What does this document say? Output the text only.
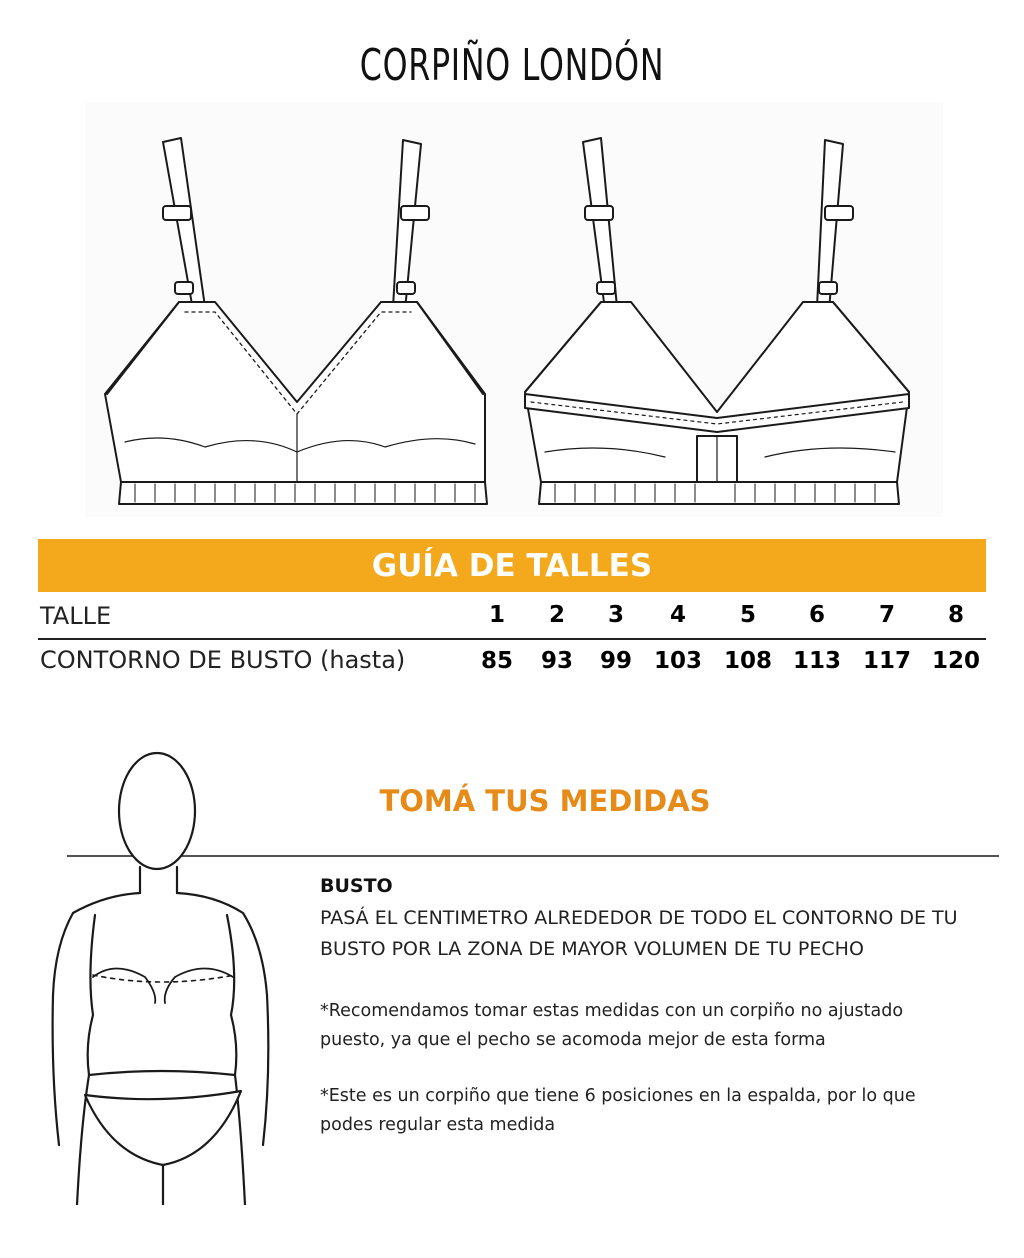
CORPIÑO LONDÓN
GUÍA DE TALLES
TALLE	1	2	3	4	5	6	7	8
CONTORNO DE BUSTO (hasta)	85	93	99 103 108 113 117 120
TOMÁ TUS MEDIDAS

BUSTO

PASÁ EL CENTIMETRO ALREDEDOR DE TODO EL CONTORNO DE TU BUSTO POR LA ZONA DE MAYOR VOLUMEN DE TU PECHO

*Recomendamos tomar estas medidas con un corpiño no ajustado puesto, ya que el pecho se acomoda mejor de esta forma

*Este es un corpiño que tiene 6 posiciones en la espalda, por lo que podes regular esta medida
